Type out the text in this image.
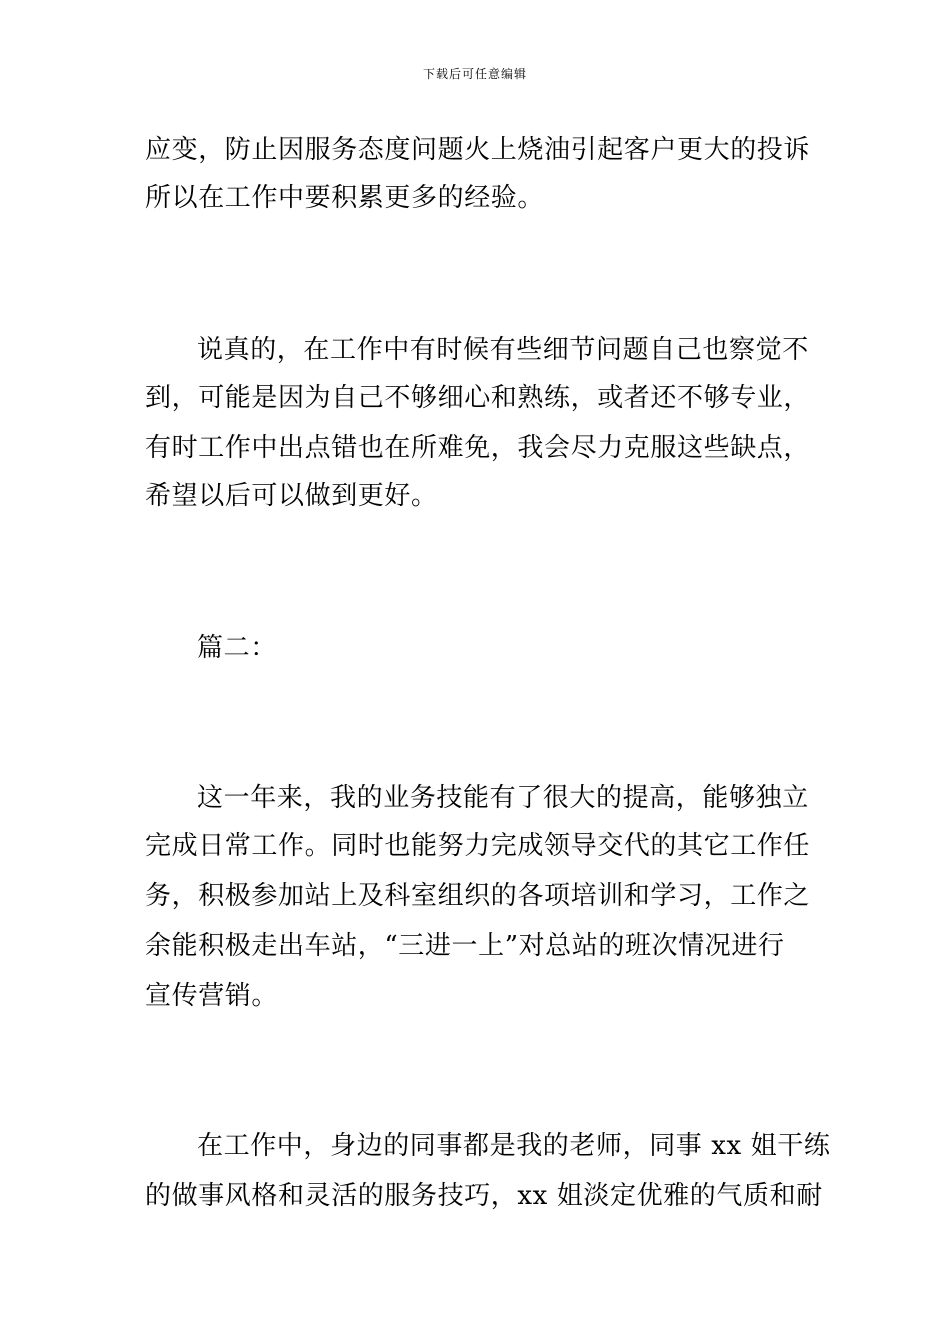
下载后可任意编辑
应变，防止因服务态度问题火上烧油引起客户更大的投诉
所以在工作中要积累更多的经验。
说真的，在工作中有时候有些细节问题自己也察觉不
到，可能是因为自己不够细心和熟练，或者还不够专业，
有时工作中出点错也在所难免，我会尽力克服这些缺点，
希望以后可以做到更好。
篇二：
这一年来，我的业务技能有了很大的提高，能够独立
完成日常工作。同时也能努力完成领导交代的其它工作任
务，积极参加站上及科室组织的各项培训和学习，工作之
余能积极走出车站，“三进一上”对总站的班次情况进行
宣传营销。
在工作中，身边的同事都是我的老师，同事 xx 姐干练
的做事风格和灵活的服务技巧，xx 姐淡定优雅的气质和耐
